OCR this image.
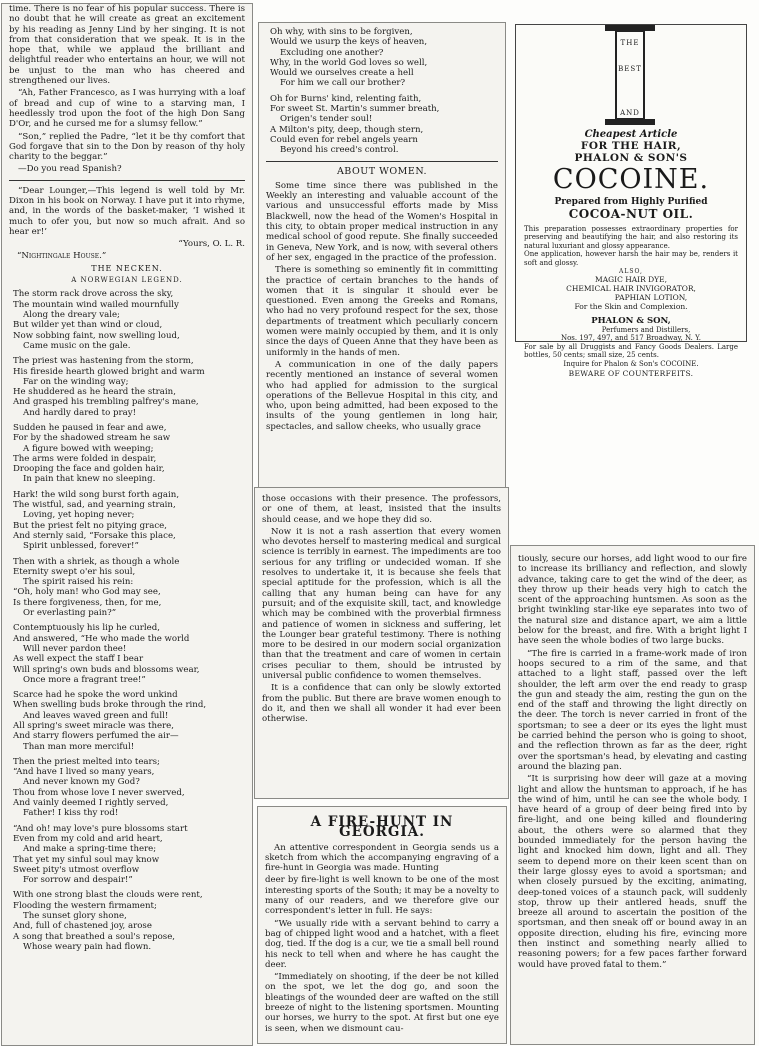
time. There is no fear of his popular success. There is no doubt that he will create as great an excitement by his reading as Jenny Lind by her singing. It is not from that consideration that we speak. It is in the hope that, while we applaud the brilliant and delightful reader who entertains an hour, we will not be unjust to the man who has cheered and strengthened our lives.

“Ah, Father Francesco, as I was hurrying with a loaf of bread and cup of wine to a starving man, I heedlessly trod upon the foot of the high Don Sang D'Or, and he cursed me for a slumsy fellow.”

“Son,” replied the Padre, “let it be thy comfort that God forgave that sin to the Don by reason of thy holy charity to the beggar.”

—Do you read Spanish?

“Dear Lounger,—This legend is well told by Mr. Dixon in his book on Norway. I have put it into rhyme, and, in the words of the basket-maker, ‘I wished it much to ofer you, but now so much afrait. And so hear er!’

“Yours, O. L. R.
“Nightingale House.”
THE NECKEN.
A NORWEGIAN LEGEND.
The storm rack drove across the sky,
The mountain wind wailed mournfully
Along the dreary vale;
But wilder yet than wind or cloud,
Now sobbing faint, now swelling loud,
Came music on the gale.
The priest was hastening from the storm,
His fireside hearth glowed bright and warm
Far on the winding way;
He shuddered as he heard the strain,
And grasped his trembling palfrey's mane,
And hardly dared to pray!
Sudden he paused in fear and awe,
For by the shadowed stream he saw
A figure bowed with weeping;
The arms were folded in despair,
Drooping the face and golden hair,
In pain that knew no sleeping.
Hark! the wild song burst forth again,
The wistful, sad, and yearning strain,
Loving, yet hoping never;
But the priest felt no pitying grace,
And sternly said, “Forsake this place,
Spirit unblessed, forever!”
Then with a shriek, as though a whole
Eternity swept o'er his soul,
The spirit raised his rein:
“Oh, holy man! who God may see,
Is there forgiveness, then, for me,
Or everlasting pain?”
Contemptuously his lip he curled,
And answered, “He who made the world
Will never pardon thee!
As well expect the staff I bear
Will spring's own buds and blossoms wear,
Once more a fragrant tree!”
Scarce had he spoke the word unkind
When swelling buds broke through the rind,
And leaves waved green and full!
All spring's sweet miracle was there,
And starry flowers perfumed the air—
Than man more merciful!
Then the priest melted into tears;
“And have I lived so many years,
And never known my God?
Thou from whose love I never swerved,
And vainly deemed I rightly served,
Father! I kiss thy rod!
“And oh! may love's pure blossoms start
Even from my cold and arid heart,
And make a spring-time there;
That yet my sinful soul may know
Sweet pity's utmost overflow
For sorrow and despair!”
With one strong blast the clouds were rent,
Flooding the western firmament;
The sunset glory shone,
And, full of chastened joy, arose
A song that breathed a soul's repose,
Whose weary pain had flown.
Oh why, with sins to be forgiven,
Would we usurp the keys of heaven,
Excluding one another?
Why, in the world God loves so well,
Would we ourselves create a hell
For him we call our brother?
Oh for Burns' kind, relenting faith,
For sweet St. Martin's summer breath,
Origen's tender soul!
A Milton's pity, deep, though stern,
Could even for rebel angels yearn
Beyond his creed's control.
ABOUT WOMEN.

Some time since there was published in the Weekly an interesting and valuable account of the various and unsuccessful efforts made by Miss Blackwell, now the head of the Women's Hospital in this city, to obtain proper medical instruction in any medical school of good repute. She finally succeeded in Geneva, New York, and is now, with several others of her sex, engaged in the practice of the profession.

There is something so eminently fit in committing the practice of certain branches to the hands of women that it is singular it should ever be questioned. Even among the Greeks and Romans, who had no very profound respect for the sex, those departments of treatment which peculiarly concern women were mainly occupied by them, and it is only since the days of Queen Anne that they have been as uniformly in the hands of men.

A communication in one of the daily papers recently mentioned an instance of several women who had applied for admission to the surgical operations of the Bellevue Hospital in this city, and who, upon being admitted, had been exposed to the insults of the young gentlemen in long hair, spectacles, and sallow cheeks, who usually grace

those occasions with their presence. The professors, or one of them, at least, insisted that the insults should cease, and we hope they did so.

Now it is not a rash assertion that every women who devotes herself to mastering medical and surgical science is terribly in earnest. The impediments are too serious for any trifling or undecided woman. If she resolves to undertake it, it is because she feels that special aptitude for the profession, which is all the calling that any human being can have for any pursuit; and of the exquisite skill, tact, and knowledge which may be combined with the proverbial firmness and patience of women in sickness and suffering, let the Lounger bear grateful testimony. There is nothing more to be desired in our modern social organization than that the treatment and care of women in certain crises peculiar to them, should be intrusted by universal public confidence to women themselves.

It is a confidence that can only be slowly extorted from the public. But there are brave women enough to do it, and then we shall all wonder it had ever been otherwise.

A FIRE-HUNT IN GEORGIA.

An attentive correspondent in Georgia sends us a sketch from which the accompanying engraving of a fire-hunt in Georgia was made. Hunting

deer by fire-light is well known to be one of the most interesting sports of the South; it may be a novelty to many of our readers, and we therefore give our correspondent's letter in full. He says:

“We usually ride with a servant behind to carry a bag of chipped light wood and a hatchet, with a fleet dog, tied. If the dog is a cur, we tie a small bell round his neck to tell when and where he has caught the deer.

“Immediately on shooting, if the deer be not killed on the spot, we let the dog go, and soon the bleatings of the wounded deer are wafted on the still breeze of night to the listening sportsmen. Mounting our horses, we hurry to the spot. At first but one eye is seen, when we dismount cau-

THE
BEST
AND
Cheapest Article
FOR THE HAIR,
PHALON & SON'S
COCOINE.
Prepared from Highly Purified
COCOA-NUT OIL.
This preparation possesses extraordinary properties for preserving and beautifying the hair, and also restoring its natural luxuriant and glossy appearance.
One application, however harsh the hair may be, renders it soft and glossy.
ALSO,
MAGIC HAIR DYE,
CHEMICAL HAIR INVIGORATOR,
PAPHIAN LOTION,
For the Skin and Complexion.
PHALON & SON,
Perfumers and Distillers,
Nos. 197, 497, and 517 Broadway, N. Y.
For sale by all Druggists and Fancy Goods Dealers. Large bottles, 50 cents; small size, 25 cents.
Inquire for Phalon & Son's COCOINE.
BEWARE OF COUNTERFEITS.

tiously, secure our horses, add light wood to our fire to increase its brilliancy and reflection, and slowly advance, taking care to get the wind of the deer, as they throw up their heads very high to catch the scent of the approaching huntsmen. As soon as the bright twinkling star-like eye separates into two of the natural size and distance apart, we aim a little below for the breast, and fire. With a bright light I have seen the whole bodies of two large bucks.

“The fire is carried in a frame-work made of iron hoops secured to a rim of the same, and that attached to a light staff, passed over the left shoulder, the left arm over the end ready to grasp the gun and steady the aim, resting the gun on the end of the staff and throwing the light directly on the deer. The torch is never carried in front of the sportsman; to see a deer or its eyes the light must be carried behind the person who is going to shoot, and the reflection thrown as far as the deer, right over the sportsman's head, by elevating and casting around the blazing pan.

“It is surprising how deer will gaze at a moving light and allow the huntsman to approach, if he has the wind of him, until he can see the whole body. I have heard of a group of deer being fired into by fire-light, and one being killed and floundering about, the others were so alarmed that they bounded immediately for the person having the light and knocked him down, light and all. They seem to depend more on their keen scent than on their large glossy eyes to avoid a sportsman; and when closely pursued by the exciting, animating, deep-toned voices of a staunch pack, will suddenly stop, throw up their antlered heads, snuff the breeze all around to ascertain the position of the sportsman, and then sneak off or bound away in an opposite direction, eluding his fire, evincing more then instinct and something nearly allied to reasoning powers; for a few paces farther forward would have proved fatal to them.”
